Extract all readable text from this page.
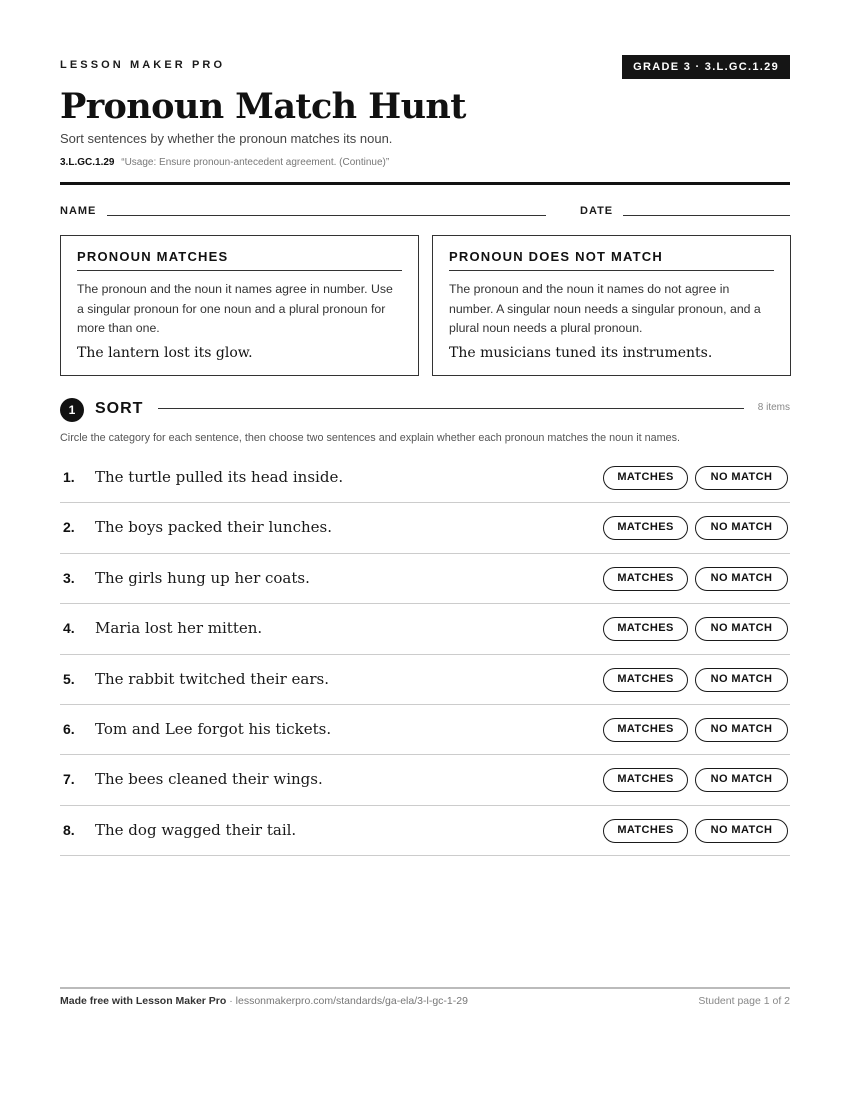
LESSON MAKER PRO	GRADE 3 · 3.L.GC.1.29
Pronoun Match Hunt
Sort sentences by whether the pronoun matches its noun.
3.L.GC.1.29 “Usage: Ensure pronoun-antecedent agreement. (Continue)”
NAME	DATE
PRONOUN MATCHES
The pronoun and the noun it names agree in number. Use a singular pronoun for one noun and a plural pronoun for more than one.
The lantern lost its glow.
PRONOUN DOES NOT MATCH
The pronoun and the noun it names do not agree in number. A singular noun needs a singular pronoun, and a plural noun needs a plural pronoun.
The musicians tuned its instruments.
1	SORT	8 items
Circle the category for each sentence, then choose two sentences and explain whether each pronoun matches the noun it names.
1. The turtle pulled its head inside.	MATCHES	NO MATCH
2. The boys packed their lunches.	MATCHES	NO MATCH
3. The girls hung up her coats.	MATCHES	NO MATCH
4. Maria lost her mitten.	MATCHES	NO MATCH
5. The rabbit twitched their ears.	MATCHES	NO MATCH
6. Tom and Lee forgot his tickets.	MATCHES	NO MATCH
7. The bees cleaned their wings.	MATCHES	NO MATCH
8. The dog wagged their tail.	MATCHES	NO MATCH
Made free with Lesson Maker Pro · lessonmakerpro.com/standards/ga-ela/3-l-gc-1-29	Student page 1 of 2
